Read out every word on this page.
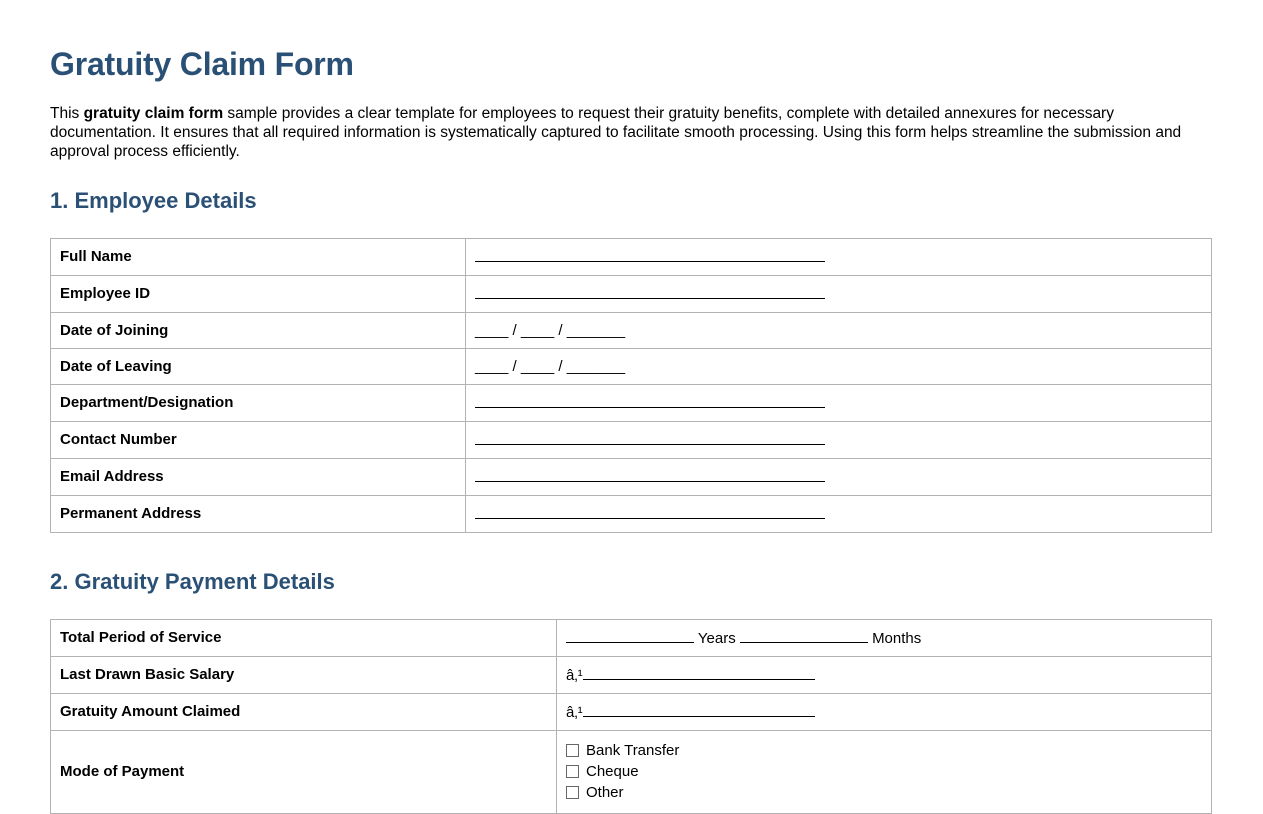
Gratuity Claim Form

This gratuity claim form sample provides a clear template for employees to request their gratuity benefits, complete with detailed annexures for necessary documentation. It ensures that all required information is systematically captured to facilitate smooth processing. Using this form helps streamline the submission and approval process efficiently.

1. Employee Details
Full Name	
Employee ID	
Date of Joining	____ / ____ / _______
Date of Leaving	____ / ____ / _______
Department/Designation	
Contact Number	
Email Address	
Permanent Address	
2. Gratuity Payment Details
Total Period of Service	Years Months
Last Drawn Basic Salary	â‚¹
Gratuity Amount Claimed	â‚¹
Mode of Payment	Bank Transfer
Cheque
Other
